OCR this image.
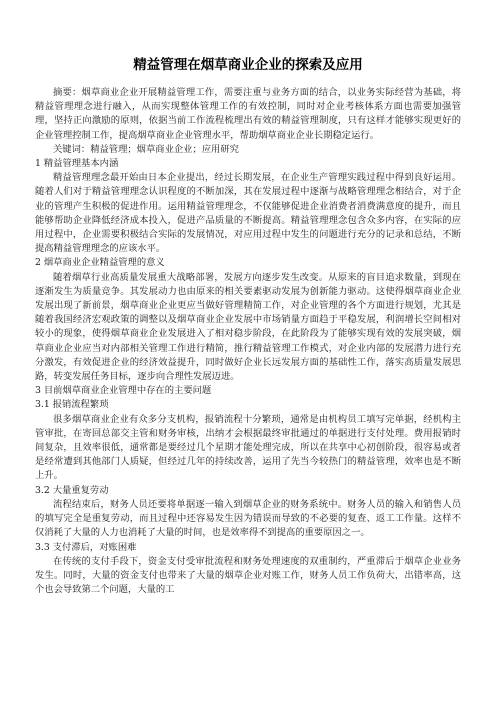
精益管理在烟草商业企业的探索及应用

摘要：烟草商业企业开展精益管理工作，需要注重与业务方面的结合，以业务实际经营为基础，将精益管理理念进行融入，从而实现整体管理工作的有效控制，同时对企业考核体系方面也需要加强管理，坚持正向激励的原则，依据当前工作流程梳理出有效的精益管理制度，只有这样才能够实现更好的企业管理控制工作，提高烟草商业企业管理水平，帮助烟草商业企业长期稳定运行。

关键词：精益管理；烟草商业企业；应用研究

1 精益管理基本内涵

精益管理理念最开始由日本企业提出，经过长期发展，在企业生产管理实践过程中得到良好运用。随着人们对于精益管理理念认识程度的不断加深，其在发展过程中逐渐与战略管理理念相结合，对于企业的管理产生积极的促进作用。运用精益管理理念，不仅能够促进企业消费者消费满意度的提升，而且能够帮助企业降低经济成本投入，促进产品质量的不断提高。精益管理理念包含众多内容，在实际的应用过程中，企业需要积极结合实际的发展情况，对应用过程中发生的问题进行充分的记录和总结，不断提高精益管理理念的应该水平。

2 烟草商业企业精益管理的意义

随着烟草行业高质量发展重大战略部署，发展方向逐步发生改变。从原来的盲目追求数量，到现在逐渐发生为质量竞争。其发展动力也由原来的相关要素驱动发展为创新能力驱动。这使得烟草商业企业发展出现了新前景，烟草商业企业更应当做好管理精简工作，对企业管理的各个方面进行规划，尤其是随着我国经济宏观政策的调整以及烟草商业企业发展中市场销量方面趋于平稳发展，利润增长空间相对较小的现象，使得烟草商业企业发展进入了相对稳步阶段，在此阶段为了能够实现有效的发展突破，烟草商业企业应当对内部相关管理工作进行精简，推行精益管理工作模式，对企业内部的发展潜力进行充分激发，有效促进企业的经济效益提升，同时做好企业长远发展方面的基础性工作，落实高质量发展思路，转变发展任务目标，逐步向合理性发展迈进。

3 目前烟草商业企业管理中存在的主要问题

3.1 报销流程繁琐

很多烟草商业企业有众多分支机构，报销流程十分繁琐，通常是由机构员工填写完单据，经机构主管审批，在寄回总部交主管和财务审核，出纳才会根据最终审批通过的单据进行支付处理。费用报销时间复杂，且效率很低，通常都是要经过几个星期才能处理完成，所以在共享中心初创阶段，很容易或者是经常遭到其他部门人质疑，但经过几年的持续改善，运用了先当今较热门的精益管理，效率也是不断上升。

3.2 大量重复劳动

流程结束后，财务人员还要将单据逐一输入到烟草企业的财务系统中。财务人员的输入和销售人员的填写完全是重复劳动，而且过程中还容易发生因为错误而导致的不必要的复查、返工工作量。这样不仅消耗了大量的人力也消耗了大量的时间，也是效率得不到提高的重要原因之一。

3.3 支付滞后，对账困难

在传统的支付手段下，资金支付受审批流程和财务处理速度的双重制约，严重滞后于烟草企业业务发生。同时，大量的资金支付也带来了大量的烟草企业对账工作，财务人员工作负荷大，出错率高，这个也会导致第二个问题，大量的工
